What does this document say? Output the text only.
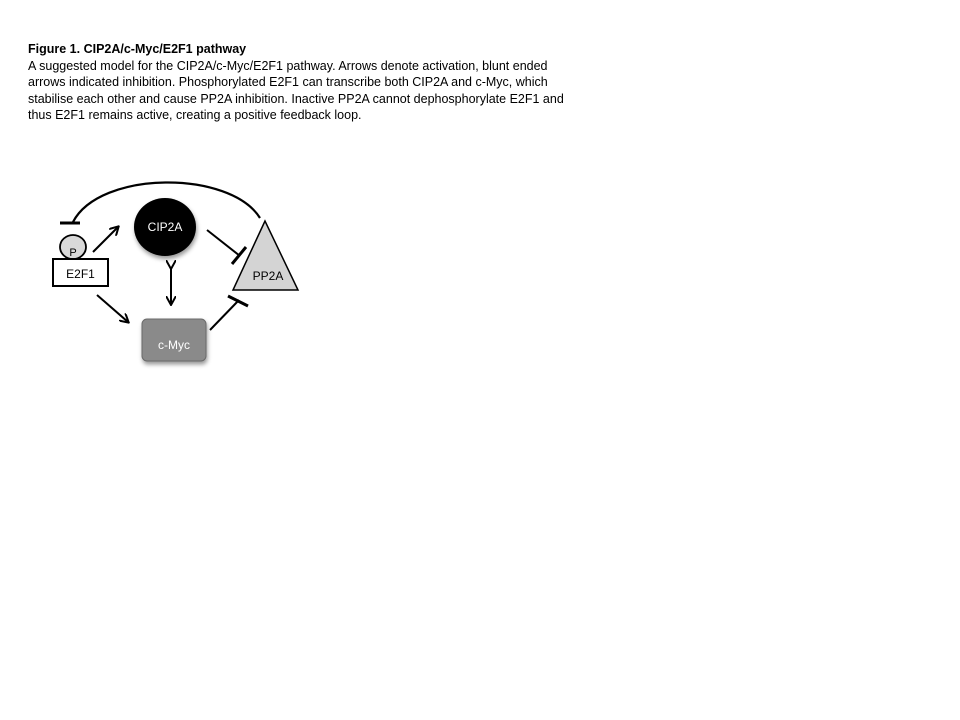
Figure 1. CIP2A/c-Myc/E2F1 pathway

A suggested model for the CIP2A/c-Myc/E2F1 pathway. Arrows denote activation, blunt ended arrows indicated inhibition. Phosphorylated E2F1 can transcribe both CIP2A and c-Myc, which stabilise each other and cause PP2A inhibition. Inactive PP2A cannot dephosphorylate E2F1 and thus E2F1 remains active, creating a positive feedback loop.

P
E2F1
CIP2A
c-Myc
PP2A
